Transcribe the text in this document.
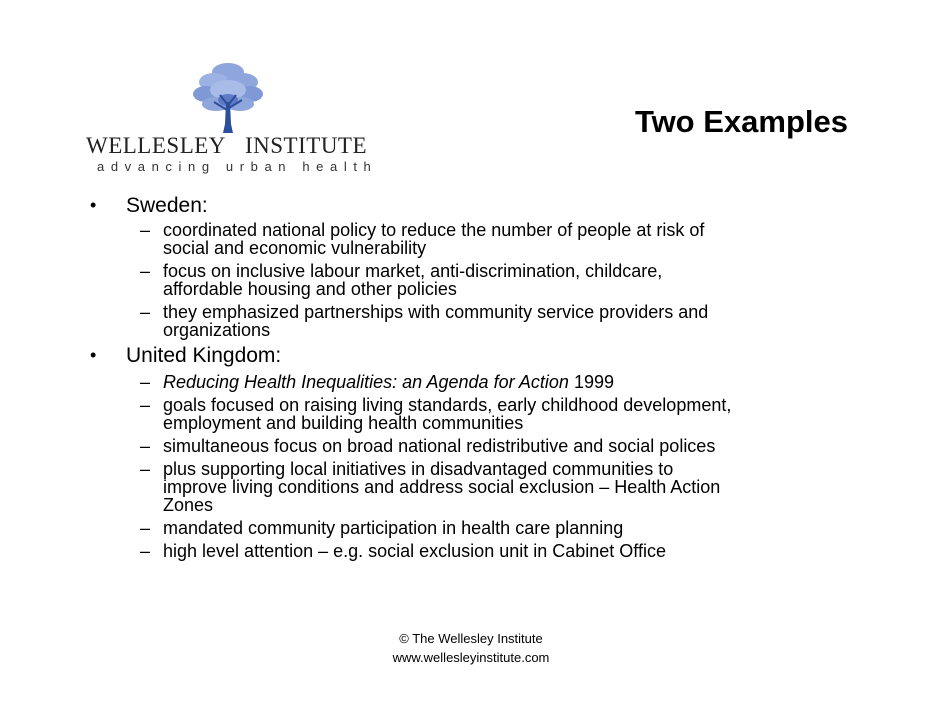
WELLESLEY INSTITUTE
advancing urban health
Two Examples
• Sweden:
– coordinated national policy to reduce the number of people at risk of
social and economic vulnerability
– focus on inclusive labour market, anti-discrimination, childcare,
affordable housing and other policies
– they emphasized partnerships with community service providers and
organizations
• United Kingdom:
– Reducing Health Inequalities: an Agenda for Action 1999
– goals focused on raising living standards, early childhood development,
employment and building health communities
– simultaneous focus on broad national redistributive and social polices
– plus supporting local initiatives in disadvantaged communities to
improve living conditions and address social exclusion – Health Action
Zones
– mandated community participation in health care planning
– high level attention – e.g. social exclusion unit in Cabinet Office
© The Wellesley Institute
www.wellesleyinstitute.com
